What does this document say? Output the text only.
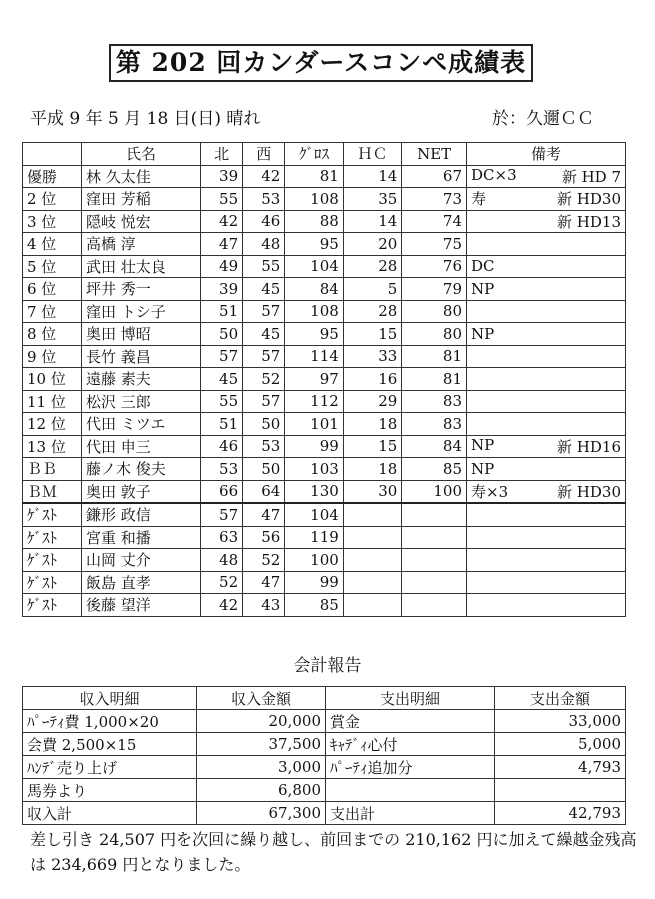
第 202 回カンダースコンペ成績表
平成 9 年 5 月 18 日(日) 晴れ	於：久邇ＣＣ
	氏名	北	西	ｸﾞﾛｽ	ＨＣ	NET	備考
優勝	林 久太佳	39	42	81	14	67	DC×3 新 HD 7

2 位	窪田 芳稲	55	53	108	35	73	寿 新 HD30

3 位	隠岐 悦宏	42	46	88	14	74	新 HD13

4 位	高橋 淳	47	48	95	20	75	

5 位	武田 壮太良	49	55	104	28	76	DC

6 位	坪井 秀一	39	45	84	5	79	NP

7 位	窪田 トシ子	51	57	108	28	80	

8 位	奥田 博昭	50	45	95	15	80	NP

9 位	長竹 義昌	57	57	114	33	81	

10 位	遠藤 素夫	45	52	97	16	81	

11 位	松沢 三郎	55	57	112	29	83	

12 位	代田 ミツエ	51	50	101	18	83	

13 位	代田 申三	46	53	99	15	84	NP 新 HD16

ＢＢ	藤ノ木 俊夫	53	50	103	18	85	NP

ＢＭ	奥田 敦子	66	64	130	30	100	寿×3 新 HD30

ｹﾞｽﾄ	鎌形 政信	57	47	104			

ｹﾞｽﾄ	宮重 和播	63	56	119			

ｹﾞｽﾄ	山岡 丈介	48	52	100			

ｹﾞｽﾄ	飯島 直孝	52	47	99			

ｹﾞｽﾄ	後藤 望洋	42	43	85			
会計報告
収入明細	収入金額	支出明細	支出金額
ﾊﾟｰﾃｨ費 1,000×20	20,000	賞金	33,000
会費 2,500×15	37,500	ｷｬﾃﾞｨ心付	5,000
ﾊﾝﾃﾞ売り上げ	3,000	ﾊﾟｰﾃｨ追加分	4,793
馬券より	6,800		
収入計	67,300	支出計	42,793
差し引き 24,507 円を次回に繰り越し、前回までの 210,162 円に加えて繰越金残高は 234,669 円となりました。
